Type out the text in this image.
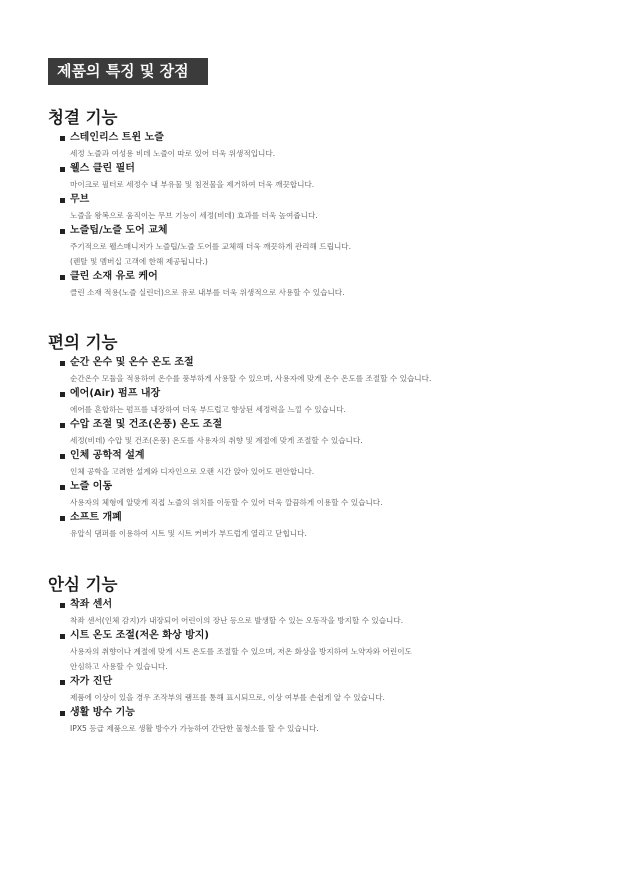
제품의 특징 및 장점
청결 기능
스테인리스 트윈 노즐
세정 노즐과 여성용 비데 노즐이 따로 있어 더욱 위생적입니다.
웰스 클린 필터
마이크로 필터로 세정수 내 부유물 및 침전물을 제거하여 더욱 깨끗합니다.
무브
노즐을 왕복으로 움직이는 무브 기능이 세정(비데) 효과를 더욱 높여줍니다.
노즐팁/노즐 도어 교체
주기적으로 웰스매니저가 노즐팁/노즐 도어를 교체해 더욱 깨끗하게 관리해 드립니다.
(렌탈 및 멤버십 고객에 한해 제공됩니다.)
클린 소재 유로 케어
클린 소재 적용(노즐 실린더)으로 유로 내부를 더욱 위생적으로 사용할 수 있습니다.
편의 기능
순간 온수 및 온수 온도 조절
순간온수 모듈을 적용하여 온수를 풍부하게 사용할 수 있으며, 사용자에 맞게 온수 온도를 조절할 수 있습니다.
에어(Air) 펌프 내장
에어를 혼합하는 펌프를 내장하여 더욱 부드럽고 향상된 세정력을 느낄 수 있습니다.
수압 조절 및 건조(온풍) 온도 조절
세정(비데) 수압 및 건조(온풍) 온도를 사용자의 취향 및 계절에 맞게 조절할 수 있습니다.
인체 공학적 설계
인체 공학을 고려한 설계와 디자인으로 오랜 시간 앉아 있어도 편안합니다.
노즐 이동
사용자의 체형에 알맞게 직접 노즐의 위치를 이동할 수 있어 더욱 깔끔하게 이용할 수 있습니다.
소프트 개폐
유압식 댐퍼를 이용하여 시트 및 시트 커버가 부드럽게 열리고 닫힙니다.
안심 기능
착좌 센서
착좌 센서(인체 감지)가 내장되어 어린이의 장난 등으로 발생할 수 있는 오동작을 방지할 수 있습니다.
시트 온도 조절(저온 화상 방지)
사용자의 취향이나 계절에 맞게 시트 온도를 조절할 수 있으며, 저온 화상을 방지하여 노약자와 어린이도
안심하고 사용할 수 있습니다.
자가 진단
제품에 이상이 있을 경우 조작부의 램프를 통해 표시되므로, 이상 여부를 손쉽게 알 수 있습니다.
생활 방수 기능
IPX5 등급 제품으로 생활 방수가 가능하여 간단한 물청소를 할 수 있습니다.
